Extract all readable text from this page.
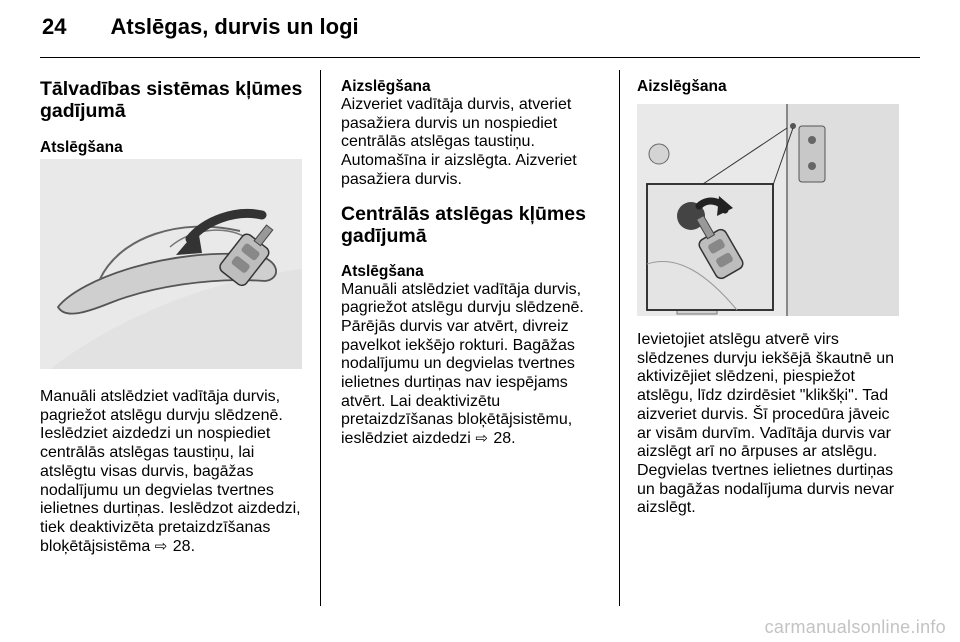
24 Atslēgas, durvis un logi
Tālvadības sistēmas kļūmes gadījumā
Atslēgšana

Manuāli atslēdziet vadītāja durvis, pagriežot atslēgu durvju slēdzenē. Ieslēdziet aizdedzi un nospiediet centrālās atslēgas taustiņu, lai atslēgtu visas durvis, bagāžas nodalījumu un degvielas tvertnes ielietnes durtiņas. Ieslēdzot aizdedzi, tiek deaktivizēta pretaizdzīšanas bloķētājsistēma ⇨ 28.

Aizslēgšana

Aizveriet vadītāja durvis, atveriet pasažiera durvis un nospiediet centrālās atslēgas taustiņu. Automašīna ir aizslēgta. Aizveriet pasažiera durvis.

Centrālās atslēgas kļūmes gadījumā
Atslēgšana

Manuāli atslēdziet vadītāja durvis, pagriežot atslēgu durvju slēdzenē. Pārējās durvis var atvērt, divreiz pavelkot iekšējo rokturi. Bagāžas nodalījumu un degvielas tvertnes ielietnes durtiņas nav iespējams atvērt. Lai deaktivizētu pretaizdzīšanas bloķētājsistēmu, ieslēdziet aizdedzi ⇨ 28.

Aizslēgšana

Ievietojiet atslēgu atverē virs slēdzenes durvju iekšējā škautnē un aktivizējiet slēdzeni, piespiežot atslēgu, līdz dzirdēsiet "klikšķi". Tad aizveriet durvis. Šī procedūra jāveic ar visām durvīm. Vadītāja durvis var aizslēgt arī no ārpuses ar atslēgu. Degvielas tvertnes ielietnes durtiņas un bagāžas nodalījuma durvis nevar aizslēgt.

carmanualsonline.info
